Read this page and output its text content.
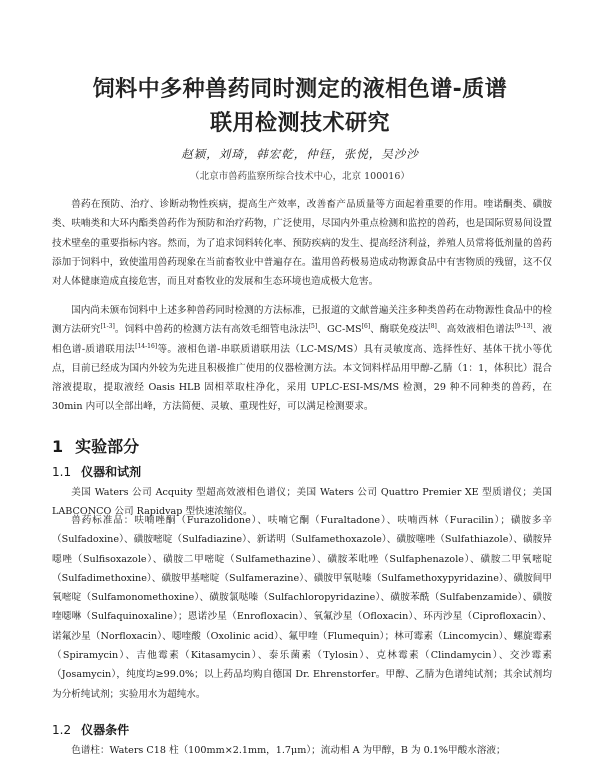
饲料中多种兽药同时测定的液相色谱-质谱
联用检测技术研究
赵颖，刘琦，韩宏乾，仲钰，张悦，吴沙沙
（北京市兽药监察所综合技术中心，北京 100016）
兽药在预防、治疗、诊断动物性疾病，提高生产效率，改善畜产品质量等方面起着重要的作用。喹诺酮类、磺胺类、呋喃类和大环内酯类兽药作为预防和治疗药物，广泛使用，尽国内外重点检测和监控的兽药，也是国际贸易间设置技术壁垒的重要指标内容。然而，为了追求饲料转化率、预防疾病的发生、提高经济利益，养殖人员常将低剂量的兽药添加于饲料中，致使滥用兽药现象在当前畜牧业中普遍存在。滥用兽药极易造成动物源食品中有害物质的残留，这不仅对人体健康造成直接危害，而且对畜牧业的发展和生态环境也造成极大危害。
国内尚未颁布饲料中上述多种兽药同时检测的方法标准，已报道的文献普遍关注多种类兽药在动物源性食品中的检测方法研究[1-3]。饲料中兽药的检测方法有高效毛细管电泳法[5]、GC-MS[6]、酶联免疫法[8]、高效液相色谱法[9-13]、液相色谱-质谱联用法[14-16]等。液相色谱-串联质谱联用法（LC-MS/MS）具有灵敏度高、选择性好、基体干扰小等优点，目前已经成为国内外较为先进且积极推广使用的仪器检测方法。本文饲料样品用甲醇-乙腈（1：1，体积比）混合溶液提取，提取液经 Oasis HLB 固相萃取柱净化，采用 UPLC-ESI-MS/MS 检测，29 种不同种类的兽药，在 30min 内可以全部出峰，方法简便、灵敏、重现性好，可以满足检测要求。
1 实验部分
1.1 仪器和试剂
美国 Waters 公司 Acquity 型超高效液相色谱仪；美国 Waters 公司 Quattro Premier XE 型质谱仪；美国 LABCONCO 公司 Rapidvap 型快速浓缩仪。
兽药标准品：呋喃唑酮（Furazolidone）、呋喃它酮（Furaltadone）、呋喃西林（Furacilin）；磺胺多辛（Sulfadoxine）、磺胺嘧啶（Sulfadiazine）、新诺明（Sulfamethoxazole）、磺胺噻唑（Sulfathiazole）、磺胺异噁唑（Sulfisoxazole）、磺胺二甲嘧啶（Sulfamethazine）、磺胺苯吡唑（Sulfaphenazole）、磺胺二甲氧嘧啶（Sulfadimethoxine）、磺胺甲基嘧啶（Sulfamerazine）、磺胺甲氧哒嗪（Sulfamethoxypyridazine）、磺胺间甲氧嘧啶（Sulfamonomethoxine）、磺胺氯哒嗪（Sulfachloropyridazine）、磺胺苯酰（Sulfabenzamide）、磺胺喹噁啉（Sulfaquinoxaline）；恩诺沙星（Enrofloxacin）、氧氟沙星（Ofloxacin）、环丙沙星（Ciprofloxacin）、诺氟沙星（Norfloxacin）、噁喹酸（Oxolinic acid）、氟甲喹（Flumequin）；林可霉素（Lincomycin）、螺旋霉素（Spiramycin）、吉他霉素（Kitasamycin）、泰乐菌素（Tylosin）、克林霉素（Clindamycin）、交沙霉素（Josamycin），纯度均≥99.0%；以上药品均购自德国 Dr. Ehrenstorfer。甲醇、乙腈为色谱纯试剂；其余试剂均为分析纯试剂；实验用水为超纯水。
1.2 仪器条件
色谱柱：Waters C18 柱（100mm×2.1mm，1.7μm）；流动相 A 为甲醇，B 为 0.1%甲酸水溶液；
